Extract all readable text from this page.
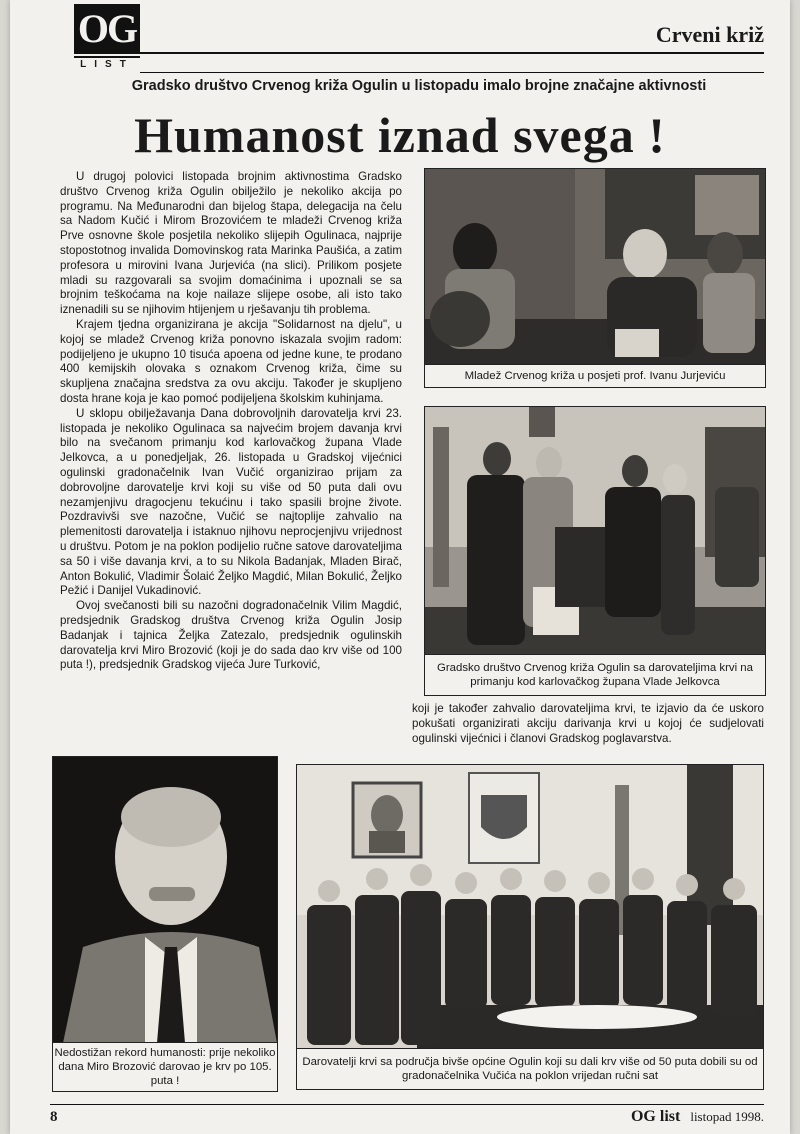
OG
LIST
Crveni križ
Gradsko društvo Crvenog križa Ogulin u listopadu imalo brojne značajne aktivnosti
Humanost iznad svega !

U drugoj polovici listopada brojnim aktivnostima Gradsko društvo Crvenog križa Ogulin obilježilo je nekoliko akcija po programu. Na Međunarodni dan bijelog štapa, delegacija na čelu sa Nadom Kučić i Mirom Brozovićem te mladeži Crvenog križa Prve osnovne škole posjetila nekoliko slijepih Ogulinaca, najprije stopostotnog invalida Domovinskog rata Marinka Paušića, a zatim profesora u mirovini Ivana Jurjevića (na slici). Prilikom posjete mladi su razgovarali sa svojim domaćinima i upoznali se sa brojnim teškoćama na koje nailaze slijepe osobe, ali isto tako iznenadili su se njihovim htijenjem u rješavanju tih problema.

Krajem tjedna organizirana je akcija "Solidarnost na djelu", u kojoj se mladež Crvenog križa ponovno iskazala svojim radom: podijeljeno je ukupno 10 tisuća apoena od jedne kune, te prodano 400 kemijskih olovaka s oznakom Crvenog križa, čime su skupljena značajna sredstva za ovu akciju. Također je skupljeno dosta hrane koja je kao pomoć podijeljena školskim kuhinjama.

U sklopu obilježavanja Dana dobrovoljnih darovatelja krvi 23. listopada je nekoliko Ogulinaca sa najvećim brojem davanja krvi bilo na svečanom primanju kod karlovačkog župana Vlade Jelkovca, a u ponedjeljak, 26. listopada u Gradskoj vijećnici ogulinski gradonačelnik Ivan Vučić organizirao prijam za dobrovoljne darovatelje krvi koji su više od 50 puta dali ovu nezamjenjivu dragocjenu tekućinu i tako spasili brojne živote. Pozdravivši sve nazočne, Vučić se najtoplije zahvalio na plemenitosti darovatelja i istaknuo njihovu neprocjenjivu vrijednost u društvu. Potom je na poklon podijelio ručne satove darovateljima sa 50 i više davanja krvi, a to su Nikola Badanjak, Mladen Birač, Anton Bokulić, Vladimir Šolaić Željko Magdić, Milan Bokulić, Željko Pežić i Danijel Vukadinović.

Ovoj svečanosti bili su nazočni dogradonačelnik Vilim Magdić, predsjednik Gradskog društva Crvenog križa Ogulin Josip Badanjak i tajnica Željka Zatezalo, predsjednik ogulinskih darovatelja krvi Miro Brozović (koji je do sada dao krv više od 100 puta !), predsjednik Gradskog vijeća Jure Turković,

koji je također zahvalio darovateljima krvi, te izjavio da će uskoro pokušati organizirati akciju darivanja krvi u kojoj će sudjelovati ogulinski vijećnici i članovi Gradskog poglavarstva.

Mladež Crvenog križa u posjeti prof. Ivanu Jurjeviću
Gradsko društvo Crvenog križa Ogulin sa darovateljima krvi na primanju kod karlovačkog župana Vlade Jelkovca
Nedostižan rekord humanosti: prije nekoliko dana Miro Brozović darovao je krv po 105. puta !
Darovatelji krvi sa područja bivše općine Ogulin koji su dali krv više od 50 puta dobili su od gradonačelnika Vučića na poklon vrijedan ručni sat
8	OG list listopad 1998.
